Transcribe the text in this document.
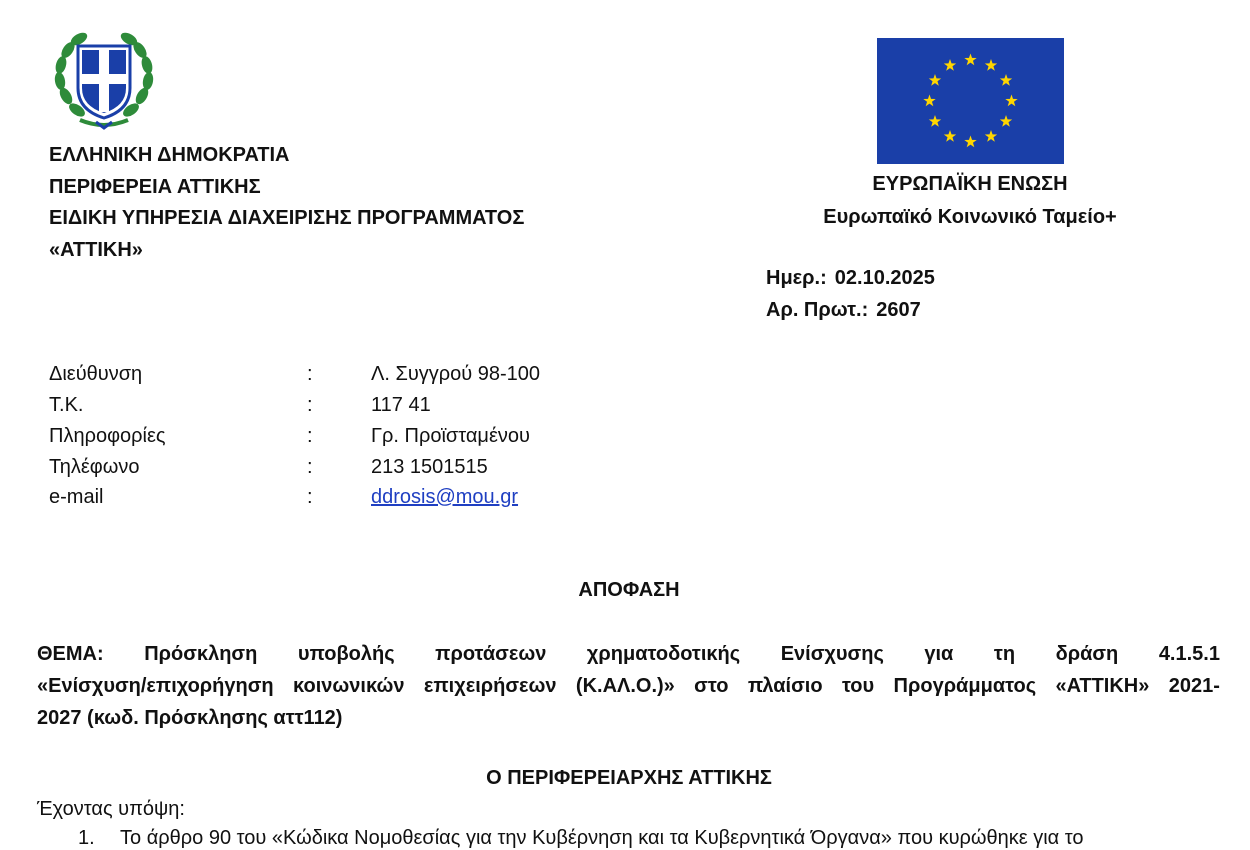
ΕΛΛΗΝΙΚΗ ΔΗΜΟΚΡΑΤΙΑ
ΠΕΡΙΦΕΡΕΙΑ ΑΤΤΙΚΗΣ
ΕΙΔΙΚΗ ΥΠΗΡΕΣΙΑ ΔΙΑΧΕΙΡΙΣΗΣ ΠΡΟΓΡΑΜΜΑΤΟΣ
«ΑΤΤΙΚΗ»
ΕΥΡΩΠΑΪΚΗ ΕΝΩΣΗ
Ευρωπαϊκό Κοινωνικό Ταμείο+
Ημερ.: 02.10.2025
Αρ. Πρωτ.: 2607
Διεύθυνση	:	Λ. Συγγρού 98-100
Τ.Κ.	:	117 41
Πληροφορίες	:	Γρ. Προϊσταμένου
Τηλέφωνο	:	213 1501515
e-mail	:	ddrosis@mou.gr
ΑΠΟΦΑΣΗ
ΘΕΜΑ: Πρόσκληση υποβολής προτάσεων χρηματοδοτικής Ενίσχυσης για τη δράση 4.1.5.1
«Ενίσχυση/επιχορήγηση κοινωνικών επιχειρήσεων (Κ.ΑΛ.Ο.)» στο πλαίσιο του Προγράμματος «ΑΤΤΙΚΗ» 2021-
2027 (κωδ. Πρόσκλησης αττ112)
Ο ΠΕΡΙΦΕΡΕΙΑΡΧΗΣ ΑΤΤΙΚΗΣ
Έχοντας υπόψη:
1. Το άρθρο 90 του «Κώδικα Νομοθεσίας για την Κυβέρνηση και τα Κυβερνητικά Όργανα» που κυρώθηκε για το
